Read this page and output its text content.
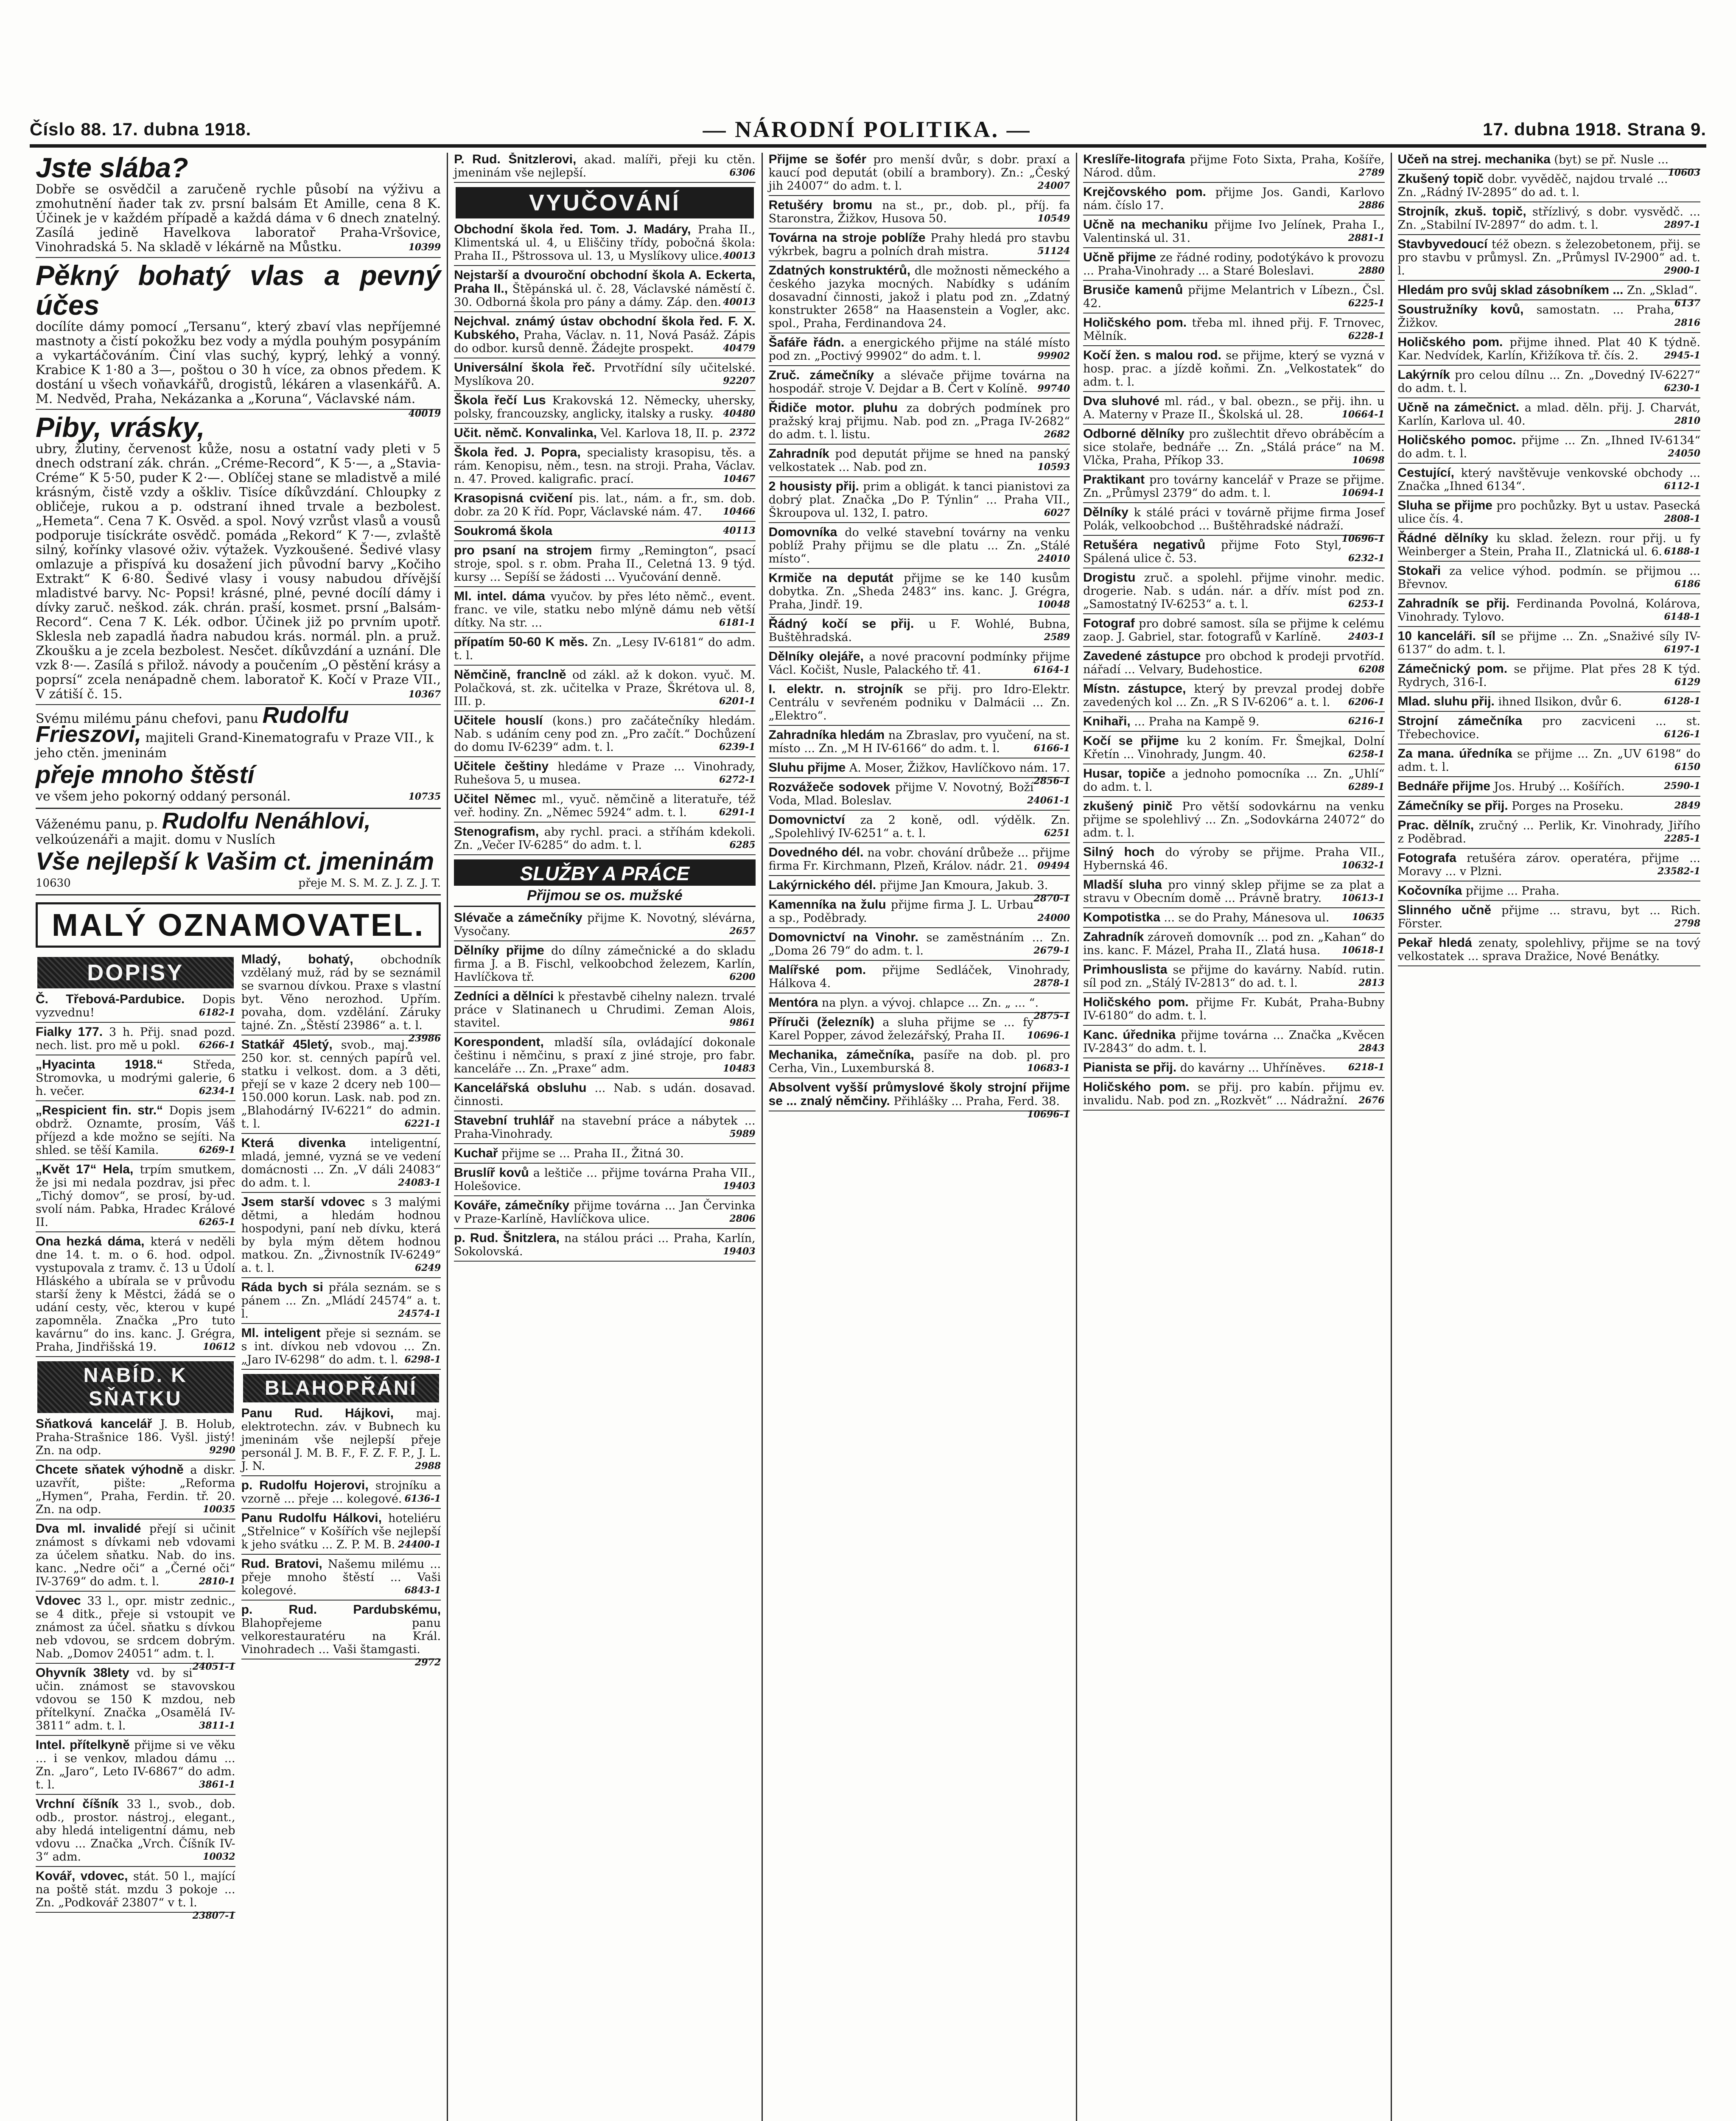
Číslo 88. 17. dubna 1918.	— NÁRODNÍ POLITIKA. —	17. dubna 1918. Strana 9.
Jste slába?
Dobře se osvědčil a zaručeně rychle působí na výživu a zmohutnění ňader tak zv. prsní balsám Et Amille, cena 8 K. Účinek je v každém případě a každá dáma v 6 dnech znatelný. Zasílá jedině Havelkova laboratoř Praha-Vršovice, Vinohradská 5. Na skladě v lékárně na Můstku.	10399
Pěkný bohatý vlas a pevný účes
docílíte dámy pomocí „Tersanu“, který zbaví vlas nepříjemné mastnoty a čistí pokožku bez vody a mýdla pouhým posypáním a vykartáčováním. Činí vlas suchý, kyprý, lehký a vonný. Krabice K 1·80 a 3—, poštou o 30 h více, za obnos předem. K dostání u všech voňavkářů, drogistů, lékáren a vlasenkářů. A. M. Nedvěd, Praha, Nekázanka a „Koruna“, Václavské nám.
40019
Piby, vrásky,
ubry, žlutiny, červenost kůže, nosu a ostatní vady pleti v 5 dnech odstraní zák. chrán. „Créme-Record“, K 5·—, a „Stavia-Créme“ K 5·50, puder K 2·—. Oblíčej stane se mladistvě a milé krásným, čistě vzdy a oškliv. Tisíce díkůvzdání. Chloupky z obličeje, rukou a p. odstraní ihned trvale a bezbolest. „Hemeta“. Cena 7 K. Osvěd. a spol. Nový vzrůst vlasů a vousů podporuje tisíckráte osvědč. pomáda „Rekord“ K 7·—, zvlaště silný, kořínky vlasové oživ. výtažek. Vyzkoušené. Šedivé vlasy omlazuje a přispívá ku dosažení jich původní barvy „Kočiho Extrakt“ K 6·80. Šedivé vlasy i vousy nabudou dřívější mladistvé barvy. Nc- Popsi! krásné, plné, pevné docílí dámy i dívky zaruč. neškod. zák. chrán. praší, kosmet. prsní „Balsám-Record“. Cena 7 K. Lék. odbor. Účinek již po prvním upotř. Sklesla neb zapadlá ňadra nabudou krás. normál. pln. a pruž. Zkoušku a je zcela bezbolest. Nesčet. díkůvzdání a uznání. Dle vzk 8·—. Zasílá s přilož. návody a poučením „O pěstění krásy a poprsí“ zcela nenápadně chem. laboratoř K. Kočí v Praze VII., V zátiší č. 15.	10367
Svému milému pánu chefovi, panu Rudolfu Frieszovi, majiteli Grand-Kinematografu v Praze VII., k jeho ctěn. jmeninám
přeje mnoho štěstí
ve všem jeho pokorný oddaný personál.	10735
Váženému panu, p. Rudolfu Nenáhlovi, velkoúzenáři a majit. domu v Nuslích
Vše nejlepší k Vašim ct. jmeninám
10630	přeje M. S. M. Z. J. Z. J. T.
MALÝ OZNAMOVATEL.
DOPISY
Č. Třebová-Pardubice. Dopis vyzvednu!	6182-1
Fialky 177. 3 h. Přij. snad pozd. nech. list. pro mě u pokl. 6266-1
„Hyacinta 1918.“	Středa, Stromovka, u modrými galerie, 6 h. večer.	6234-1
„Respicient fin. str.“ Dopis jsem obdrž. Oznamte, prosím, Váš příjezd a kde možno se sejíti. Na shled. se těší Kamila.	6269-1
„Květ 17“ Hela, trpím smutkem, že jsi mi nedala pozdrav, jsi přec „Tichý domov“, se prosí, by-ud. svolí nám. Pabka, Hradec Králové II.	6265-1
Ona hezká dáma, která v neděli dne 14. t. m. o 6. hod. odpol. vystupovala z tramv. č. 13 u Údolí Hláského a ubírala se v průvodu starší ženy k Městci, žádá se o udání cesty, věc, kterou v kupé zapomněla. Značka „Pro tuto kavárnu“ do ins. kanc. J. Grégra, Praha, Jindřišská 19.	10612
NABÍD. K SŇATKU
Sňatková kancelář J. B. Holub, Praha-Strašnice 186. Vyšl. jistý! Zn. na odp.	9290
Chcete sňatek výhodně a diskr. uzavřít, pište: „Reforma „Hymen“, Praha, Ferdin. tř. 20. Zn. na odp.	10035
Dva ml. invalidé přejí si učinit známost s dívkami neb vdovami za účelem sňatku. Nab. do ins. kanc. „Nedre oči“ a „Černé oči“ IV-3769“ do adm. t. l.	2810-1
Vdovec 33 l., opr. mistr zednic., se 4 ditk., přeje si vstoupit ve známost za účel. sňatku s dívkou neb vdovou, se srdcem dobrým. Nab. „Domov 24051“ adm. t. l.
24051-1
Ohyvník 38lety vd. by si učin. známost se stavovskou vdovou se 150 K mzdou, neb přítelkyní. Značka „Osamělá IV-3811“ adm. t. l.	3811-1
Intel. přítelkyně přijme si ve věku ... i se venkov, mladou dámu ... Zn. „Jaro“, Leto IV-6867“ do adm. t. l.	3861-1
Vrchní číšník 33 l., svob., dob. odb., prostor. nástroj., elegant., aby hledá inteligentní dámu, neb vdovu ... Značka „Vrch. Číšník IV-3“ adm.	10032
Kovář, vdovec, stát. 50 l., mající na poště stát. mzdu 3 pokoje ... Zn. „Podkovář 23807“ v t. l.
23807-1
Mladý, bohatý, obchodník vzdělaný muž, rád by se seznámil se svarnou dívkou. Praxe s vlastní byt. Věno nerozhod. Upřím. povaha, dom. vzdělání. Záruky tajné. Zn. „Štěstí 23986“ a. t. l.
23986
Statkář 45letý, svob., maj. 250 kor. st. cenných papírů vel. statku i velkost. dom. a 3 děti, přejí se v kaze 2 dcery neb 100—150.000 korun. Lask. nab. pod zn. „Blahodárný IV-6221“ do admin. t. l.	6221-1
Která divenka inteligentní, mladá, jemné, vyzná se ve vedení domácnosti ... Zn. „V dáli 24083“ do adm. t. l.	24083-1
Jsem starší vdovec s 3 malými dětmi, a hledám hodnou hospodyni, paní neb dívku, která by byla mým dětem hodnou matkou. Zn. „Živnostník IV-6249“ a. t. l.	6249
Ráda bych si přála seznám. se s pánem ... Zn. „Mládí 24574“ a. t. l.	24574-1
Ml. inteligent přeje si seznám. se s int. dívkou neb vdovou ... Zn. „Jaro IV-6298“ do adm. t. l. 6298-1
BLAHOPŘÁNÍ
Panu Rud. Hájkovi, maj. elektrotechn. záv. v Bubnech ku jmeninám vše nejlepší přeje personál J. M. B. F., F. Z. F. P., J. L. J. N.	2988
p. Rudolfu Hojerovi, strojníku a vzorně ... přeje ... kolegové. 6136-1
Panu Rudolfu Hálkovi, hoteliéru „Střelnice“ v Košířích vše nejlepší k jeho svátku ... Z. P. M. B. 24400-1
Rud. Bratovi, Našemu milému ... přeje mnoho štěstí ... Vaši kolegové.	6843-1
p. Rud. Pardubskému, Blahopřejeme panu velkorestauratéru na Král. Vinohradech ... Vaši štamgasti.
2972
P. Rud. Šnitzlerovi, akad. malíři, přeji ku ctěn. jmeninám vše nejlepší.	6306
VYUČOVÁNÍ
Obchodní škola řed. Tom. J. Madáry, Praha II., Klimentská ul. 4, u Eliščiny třídy, pobočná škola: Praha II., Pštrossova ul. 13, u Myslíkovy ulice. 40013
Nejstarší a dvouroční obchodní škola A. Eckerta, Praha II., Štěpánská ul. č. 28, Václavské náměstí č. 30. Odborná škola pro pány a dámy. Záp. den. 40013
Nejchval. známý ústav obchodní škola řed. F. X. Kubského, Praha, Václav. n. 11, Nová Pasáž. Zápis do odbor. kursů denně. Žádejte prospekt.	40479
Universální škola řeč. Prvotřídní síly učitelské. Myslíkova 20.	92207
Škola řečí Lus Krakovská 12. Německy, uhersky, polsky, francouzsky, anglicky, italsky a rusky. 40480
Učit. němč. Konvalinka, Vel. Karlova 18, II. p. 2372
Škola řed. J. Popra, specialisty krasopisu, těs. a rám. Kenopisu, něm., tesn. na stroji. Praha, Václav. n. 47. Proved. kaligrafic. prací.	10467
Krasopisná cvičení pis. lat., nám. a fr., sm. dob. dobr. za 20 K říd. Popr, Václavské nám. 47. 10466
Soukromá škola	40113
pro psaní na strojem firmy „Remington“, psací stroje, spol. s r. obm. Praha II., Celetná 13. 9 týd. kursy ... Sepíší se žádosti ... Vyučování denně.
Ml. intel. dáma vyučov. by přes léto němč., event. franc. ve vile, statku nebo mlýně dámu neb větší dítky. Na str. ...	6181-1
přípatím 50-60 K měs. Zn. „Lesy IV-6181“ do adm. t. l.
Němčině, franclně od zákl. až k dokon. vyuč. M. Polačková, st. zk. učitelka v Praze, Škrétova ul. 8, III. p.	6201-1
Učitele houslí (kons.) pro začátečníky hledám. Nab. s udáním ceny pod zn. „Pro začít.“ Dochůzení do domu IV-6239“ adm. t. l.	6239-1
Učitele češtiny hledáme v Praze ... Vinohrady, Ruhešova 5, u musea.	6272-1
Učitel Němec ml., vyuč. němčině a literatuře, též veř. hodiny. Zn. „Němec 5924“ adm. t. l.	6291-1
Stenografism, aby rychl. praci. a stříhám kdekoli. Zn. „Večer IV-6285“ do adm. t. l.	6285
SLUŽBY A PRÁCE
Přijmou se os. mužské
Slévače a zámečníky přijme K. Novotný, slévárna, Vysočany.	2657
Dělníky přijme do dílny zámečnické a do skladu firma J. a B. Fischl, velkoobchod železem, Karlín, Havlíčkova tř.	6200
Zedníci a dělníci k přestavbě cihelny nalezn. trvalé práce v Slatinanech u Chrudimi. Zeman Alois, stavitel.	9861
Korespondent, mladší síla, ovládající dokonale češtinu i němčinu, s praxí z jiné stroje, pro fabr. kanceláře ... Zn. „Praxe“ adm.	10483
Kancelářská obsluhu ... Nab. s udán. dosavad. činnosti.
Stavební truhlář na stavební práce a nábytek ... Praha-Vinohrady.	5989
Kuchař přijme se ... Praha II., Žitná 30.
Bruslíř kovů a leštiče ... přijme továrna Praha VII., Holešovice.	19403
Kováře, zámečníky přijme továrna ... Jan Červinka v Praze-Karlíně, Havlíčkova ulice.	2806
p. Rud. Šnitzlera, na stálou práci ... Praha, Karlín, Sokolovská.	19403
Přijme se šofér pro menší dvůr, s dobr. praxí a kaucí pod deputát (obilí a brambory). Zn.: „Český jih 24007“ do adm. t. l.	24007
Retušéry bromu na st., pr., dob. pl., příj. fa Staronstra, Žižkov, Husova 50.	10549
Továrna na stroje poblíže Prahy hledá pro stavbu výkrbek, bagru a polních drah mistra.	51124
Zdatných konstruktérů, dle možnosti německého a českého jazyka mocných. Nabídky s udáním dosavadní činnosti, jakož i platu pod zn. „Zdatný konstrukter 2658“ na Haasenstein a Vogler, akc. spol., Praha, Ferdinandova 24.
Šafáře řádn. a energického přijme na stálé místo pod zn. „Poctivý 99902“ do adm. t. l.	99902
Zruč. zámečníky a slévače přijme továrna na hospodář. stroje V. Dejdar a B. Čert v Kolíně. 99740
Řidiče motor. pluhu za dobrých podmínek pro pražský kraj přijmu. Nab. pod zn. „Praga IV-2682“ do adm. t. l. listu.	2682
Zahradník pod deputát přijme se hned na panský velkostatek ... Nab. pod zn.	10593
2 housisty přij. prim a obligát. k tanci pianistovi za dobrý plat. Značka „Do P. Týnlin“ ... Praha VII., Škroupova ul. 132, I. patro.	6027
Domovníka do velké stavební továrny na venku poblíž Prahy přijmu se dle platu ... Zn. „Stálé místo“.	24010
Krmiče na deputát přijme se ke 140 kusům dobytka. Zn. „Sheda 2483“ ins. kanc. J. Grégra, Praha, Jindř. 19.	10048
Řádný kočí se přij. u F. Wohlé, Bubna, Buštěhradská.	2589
Dělníky olejáře, a nové pracovní podmínky přijme Václ. Kočišt, Nusle, Palackého tř. 41.	6164-1
I. elektr. n. strojník se přij. pro Idro-Elektr. Centrálu v sevřeném podniku v Dalmácii ... Zn. „Elektro“.
Zahradníka hledám na Zbraslav, pro vyučení, na st. místo ... Zn. „M H IV-6166“ do adm. t. l.	6166-1
Sluhu přijme A. Moser, Žižkov, Havlíčkovo nám. 17.
2856-1
Rozvážeče sodovek přijme V. Novotný, Boží Voda, Mlad. Boleslav.	24061-1
Domovnictví za 2 koně, odl. výdělk. Zn. „Spolehlivý IV-6251“ a. t. l.	6251
Dovedného dél. na vobr. chování drůbeže ... přijme firma Fr. Kirchmann, Plzeň, Králov. nádr. 21. 09494
Lakýrnického dél. přijme Jan Kmoura, Jakub. 3.
2870-1
Kamenníka na žulu přijme firma J. L. Urbau a sp., Poděbrady.	24000
Domovnictví na Vinohr. se zaměstnáním ... Zn. „Doma 26 79“ do adm. t. l.	2679-1
Malířské pom. přijme Sedláček, Vinohrady, Hálkova 4.	2878-1
Mentóra na plyn. a vývoj. chlapce ... Zn. „ ... “.
2875-1
Příruči (železník) a sluha přijme se ... fy Karel Popper, závod železářský, Praha II. 10696-1
Mechanika, zámečníka, pasíře na dob. pl. pro Cerha, Vin., Luxemburská 8.	10683-1
Absolvent vyšší průmyslové školy strojní přijme se ... znalý němčiny. Přihlášky ... Praha, Ferd. 38.
10696-1
Kreslíře-litografa přijme Foto Sixta, Praha, Košíře, Národ. dům.	2789
Krejčovského pom. přijme Jos. Gandi, Karlovo nám. číslo 17.	2886
Učně na mechaniku přijme Ivo Jelínek, Praha I., Valentinská ul. 31.	2881-1
Učně přijme ze řádné rodiny, podotýkávo k provozu ... Praha-Vinohrady ... a Staré Boleslavi.	2880
Brusiče kamenů přijme Melantrich v Líbezn., Čsl. 42.	6225-1
Holičského pom. třeba ml. ihned přij. F. Trnovec, Mělník.	6228-1
Kočí žen. s malou rod. se přijme, který se vyzná v hosp. prac. a jízdě koňmi. Zn. „Velkostatek“ do adm. t. l.
Dva sluhové ml. rád., v bal. obezn., se přij. ihn. u A. Materny v Praze II., Školská ul. 28.	10664-1
Odborné dělníky pro zušlechtit dřevo obráběcím a sice stolaře, bednáře ... Zn. „Stálá práce“ na M. Vlčka, Praha, Příkop 33.	10698
Praktikant pro továrny kancelář v Praze se přijme. Zn. „Průmysl 2379“ do adm. t. l.	10694-1
Dělníky k stálé práci v továrně přijme firma Josef Polák, velkoobchod ... Buštěhradské nádraží.
10696-1
Retušéra negativů přijme Foto Styl, Spálená ulice č. 53.	6232-1
Drogistu zruč. a spolehl. přijme vinohr. medic. drogerie. Nab. s udán. nár. a dřív. míst pod zn. „Samostatný IV-6253“ a. t. l.	6253-1
Fotograf pro dobré samost. síla se přijme k celému zaop. J. Gabriel, star. fotografů v Karlíně.	2403-1
Zavedené zástupce pro obchod k prodeji prvotříd. nářadí ... Velvary, Budehostice.	6208
Místn. zástupce, který by prevzal prodej dobře zavedených kol ... Zn. „R S IV-6206“ a. t. l. 6206-1
Knihaři, ... Praha na Kampě 9.	6216-1
Kočí se přijme ku 2 koním. Fr. Šmejkal, Dolní Křetín ... Vinohrady, Jungm. 40.	6258-1
Husar, topiče a jednoho pomocníka ... Zn. „Uhlí“ do adm. t. l.	6289-1
zkušený pinič Pro větší sodovkárnu na venku přijme se spolehlivý ... Zn. „Sodovkárna 24072“ do adm. t. l.
Silný hoch do výroby se přijme. Praha VII., Hybernská 46.	10632-1
Mladší sluha pro vinný sklep přijme se za plat a stravu v Obecním domě ... Právně bratry. 10613-1
Kompotistka ... se do Prahy, Mánesova ul. 10635
Zahradník zároveň domovník ... pod zn. „Kahan“ do ins. kanc. F. Mázel, Praha II., Zlatá husa. 10618-1
Primhouslista se přijme do kavárny. Nabíd. rutin. síl pod zn. „Stálý IV-2813“ do ad. t. l.	2813
Holičského pom. přijme Fr. Kubát, Praha-Bubny IV-6180“ do adm. t. l.
Kanc. úřednika přijme továrna ... Značka „Kvěcen IV-2843“ do adm. t. l.	2843
Pianista se přij. do kavárny ... Uhříněves. 6218-1
Holičského pom. se přij. pro kabín. přijmu ev. invalidu. Nab. pod zn. „Rozkvět“ ... Nádražní. 2676
Učeň na strej. mechanika (byt) se př. Nusle ...
10603
Zkušený topič dobr. vyvěděč, najdou trvalé ... Zn. „Rádný IV-2895“ do ad. t. l.
Strojník, zkuš. topič, střízlivý, s dobr. vysvědč. ... Zn. „Stabilní IV-2897“ do adm. t. l.	2897-1
Stavbyvedoucí též obezn. s železobetonem, přij. se pro stavbu v průmysl. Zn. „Průmysl IV-2900“ ad. t. l.	2900-1
Hledám pro svůj sklad zásobníkem ... Zn. „Sklad“.
6137
Soustružníky kovů, samostatn. ... Praha, Žižkov.	2816
Holičského pom. přijme ihned. Plat 40 K týdně. Kar. Nedvídek, Karlín, Křižíkova tř. čís. 2.	2945-1
Lakýrník pro celou dílnu ... Zn. „Dovedný IV-6227“ do adm. t. l.	6230-1
Učně na zámečnict. a mlad. děln. přij. J. Charvát, Karlín, Karlova ul. 40.	2810
Holičského pomoc. přijme ... Zn. „Ihned IV-6134“ do adm. t. l.	24050
Cestující, který navštěvuje venkovské obchody ... Značka „Ihned 6134“.	6112-1
Sluha se přijme pro pochůzky. Byt u ustav. Pasecká ulice čís. 4.	2808-1
Řádné dělníky ku sklad. železn. rour přij. u fy Weinberger a Stein, Praha II., Zlatnická ul. 6. 6188-1
Stokaři za velice výhod. podmín. se přijmou ... Břevnov.	6186
Zahradník se přij. Ferdinanda Povolná, Kolárova, Vinohrady. Tylovo.	6148-1
10 kanceláři. síl se přijme ... Zn. „Snaživé síly IV-6137“ do adm. t. l.	6197-1
Zámečnický pom. se přijme. Plat přes 28 K týd. Rydrych, 316-I.	6129
Mlad. sluhu přij. ihned Ilsikon, dvůr 6.	6128-1
Strojní zámečníka pro zacviceni ... st. Třebechovice.	6126-1
Za mana. úředníka se přijme ... Zn. „UV 6198“ do adm. t. l.	6150
Bednáře přijme Jos. Hrubý ... Košířích.	2590-1
Zámečníky se přij. Porges na Proseku.	2849
Prac. dělník, zručný ... Perlik, Kr. Vinohrady, Jiřího z Poděbrad.	2285-1
Fotografa retušéra zárov. operatéra, přijme ... Moravy ... v Plzni.	23582-1
Kočovníka přijme ... Praha.
Slinného učně přijme ... stravu, byt ... Rich. Förster.	2798
Pekař hledá zenaty, spolehlivy, přijme se na tový velkostatek ... sprava Dražice, Nové Benátky.
